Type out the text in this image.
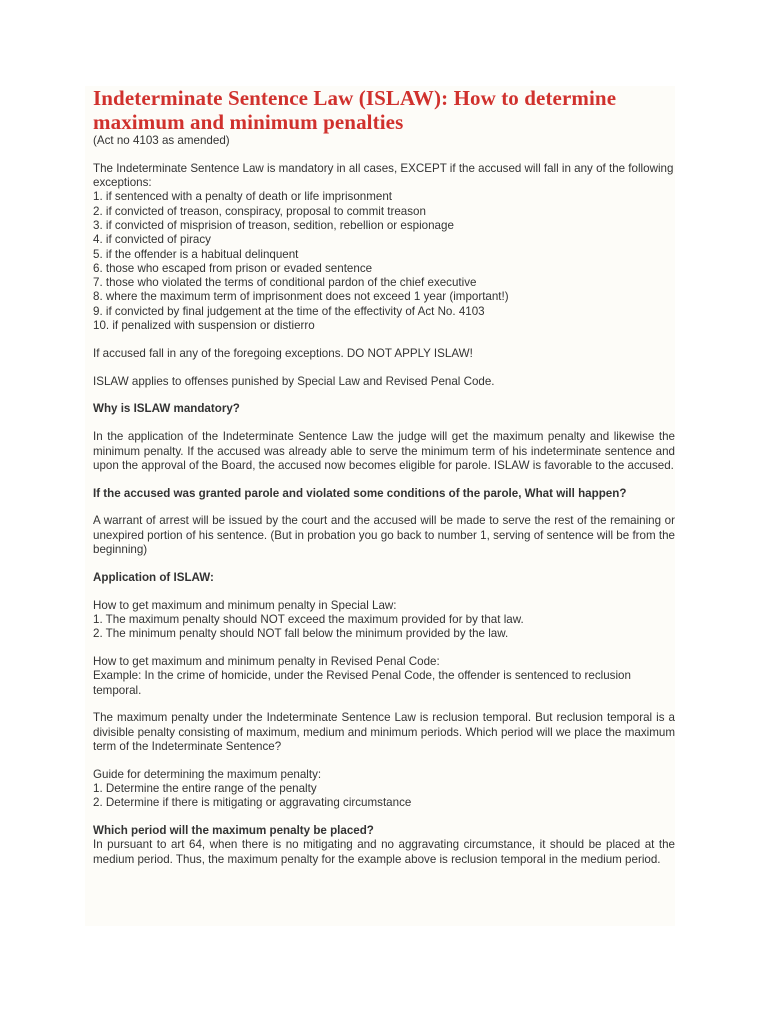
Indeterminate Sentence Law (ISLAW): How to determine maximum and minimum penalties

(Act no 4103 as amended)

The Indeterminate Sentence Law is mandatory in all cases, EXCEPT if the accused will fall in any of the following exceptions:

1. if sentenced with a penalty of death or life imprisonment
2. if convicted of treason, conspiracy, proposal to commit treason
3. if convicted of misprision of treason, sedition, rebellion or espionage
4. if convicted of piracy
5. if the offender is a habitual delinquent
6. those who escaped from prison or evaded sentence
7. those who violated the terms of conditional pardon of the chief executive
8. where the maximum term of imprisonment does not exceed 1 year (important!)
9. if convicted by final judgement at the time of the effectivity of Act No. 4103
10. if penalized with suspension or distierro

If accused fall in any of the foregoing exceptions. DO NOT APPLY ISLAW!

ISLAW applies to offenses punished by Special Law and Revised Penal Code.

Why is ISLAW mandatory?

In the application of the Indeterminate Sentence Law the judge will get the maximum penalty and likewise the minimum penalty. If the accused was already able to serve the minimum term of his indeterminate sentence and upon the approval of the Board, the accused now becomes eligible for parole. ISLAW is favorable to the accused.

If the accused was granted parole and violated some conditions of the parole, What will happen?

A warrant of arrest will be issued by the court and the accused will be made to serve the rest of the remaining or unexpired portion of his sentence. (But in probation you go back to number 1, serving of sentence will be from the beginning)

Application of ISLAW:

How to get maximum and minimum penalty in Special Law:

1. The maximum penalty should NOT exceed the maximum provided for by that law.
2. The minimum penalty should NOT fall below the minimum provided by the law.

How to get maximum and minimum penalty in Revised Penal Code:

Example: In the crime of homicide, under the Revised Penal Code, the offender is sentenced to reclusion temporal.

The maximum penalty under the Indeterminate Sentence Law is reclusion temporal. But reclusion temporal is a divisible penalty consisting of maximum, medium and minimum periods. Which period will we place the maximum term of the Indeterminate Sentence?

Guide for determining the maximum penalty:

1. Determine the entire range of the penalty
2. Determine if there is mitigating or aggravating circumstance

Which period will the maximum penalty be placed?

In pursuant to art 64, when there is no mitigating and no aggravating circumstance, it should be placed at the medium period. Thus, the maximum penalty for the example above is reclusion temporal in the medium period.
